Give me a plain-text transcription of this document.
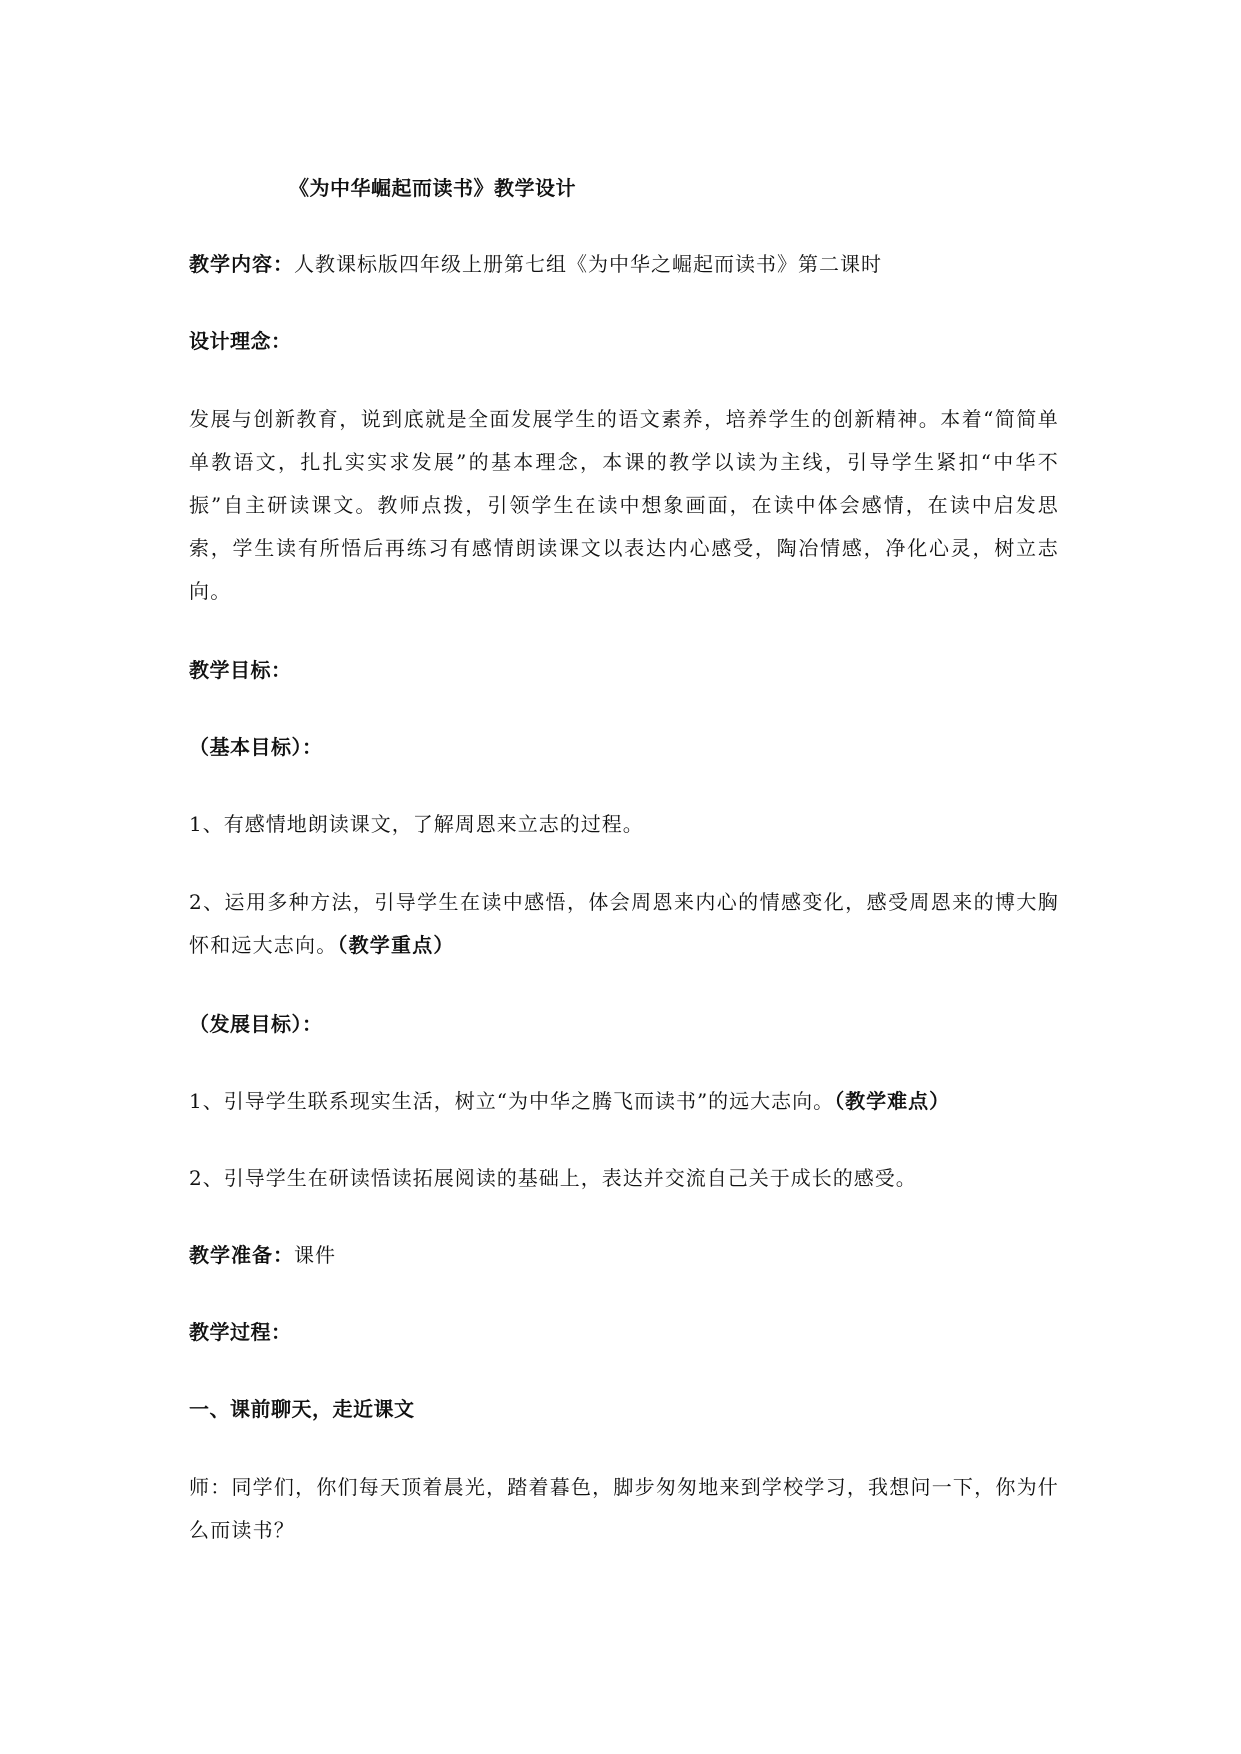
《为中华崛起而读书》教学设计
教学内容：人教课标版四年级上册第七组《为中华之崛起而读书》第二课时
设计理念：
发展与创新教育，说到底就是全面发展学生的语文素养，培养学生的创新精神。本着“简简单单教语文，扎扎实实求发展”的基本理念，本课的教学以读为主线，引导学生紧扣“中华不振”自主研读课文。教师点拨，引领学生在读中想象画面，在读中体会感情，在读中启发思索，学生读有所悟后再练习有感情朗读课文以表达内心感受，陶冶情感，净化心灵，树立志向。
教学目标：
（基本目标）：
1、有感情地朗读课文，了解周恩来立志的过程。
2、运用多种方法，引导学生在读中感悟，体会周恩来内心的情感变化，感受周恩来的博大胸怀和远大志向。（教学重点）
（发展目标）：
1、引导学生联系现实生活，树立“为中华之腾飞而读书”的远大志向。（教学难点）
2、引导学生在研读悟读拓展阅读的基础上，表达并交流自己关于成长的感受。
教学准备：课件
教学过程：
一、课前聊天，走近课文
师：同学们，你们每天顶着晨光，踏着暮色，脚步匆匆地来到学校学习，我想问一下，你为什么而读书？
